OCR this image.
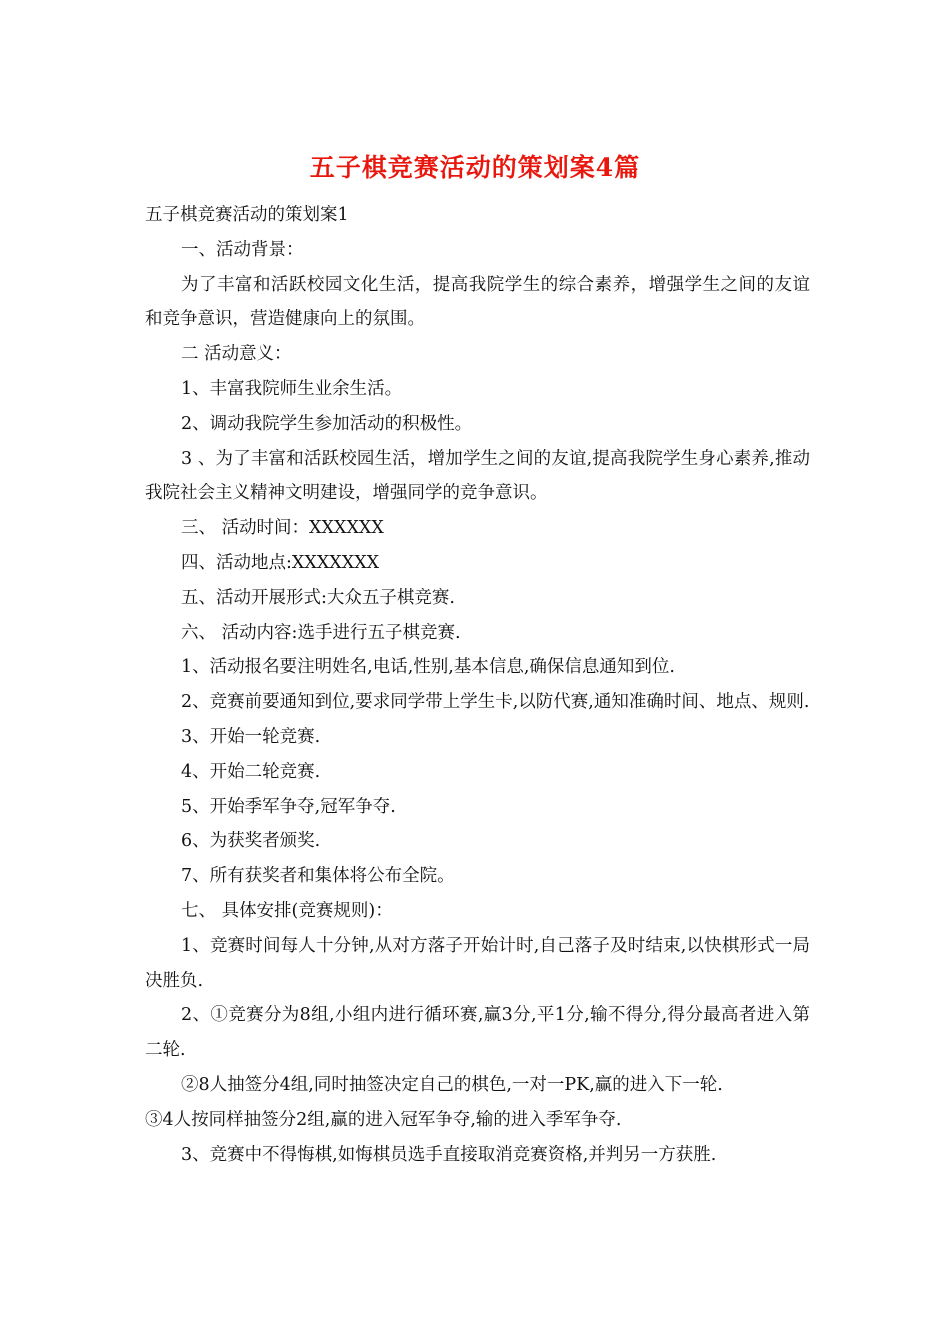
五子棋竞赛活动的策划案4篇

五子棋竞赛活动的策划案1

一、活动背景：

为了丰富和活跃校园文化生活，提高我院学生的综合素养，增强学生之间的友谊和竞争意识，营造健康向上的氛围。

二 活动意义：

1、丰富我院师生业余生活。

2、调动我院学生参加活动的积极性。

3 、为了丰富和活跃校园生活，增加学生之间的友谊,提高我院学生身心素养,推动我院社会主义精神文明建设，增强同学的竞争意识。

三、 活动时间：XXXXXX

四、活动地点:XXXXXXX

五、活动开展形式:大众五子棋竞赛.

六、 活动内容:选手进行五子棋竞赛.

1、活动报名要注明姓名,电话,性别,基本信息,确保信息通知到位.

2、竞赛前要通知到位,要求同学带上学生卡,以防代赛,通知准确时间、地点、规则.

3、开始一轮竞赛.

4、开始二轮竞赛.

5、开始季军争夺,冠军争夺.

6、为获奖者颁奖.

7、所有获奖者和集体将公布全院。

七、 具体安排(竞赛规则)：

1、竞赛时间每人十分钟,从对方落子开始计时,自己落子及时结束,以快棋形式一局决胜负.

2、①竞赛分为8组,小组内进行循环赛,赢3分,平1分,输不得分,得分最高者进入第二轮.

②8人抽签分4组,同时抽签决定自己的棋色,一对一PK,赢的进入下一轮.

③4人按同样抽签分2组,赢的进入冠军争夺,输的进入季军争夺.

3、竞赛中不得悔棋,如悔棋员选手直接取消竞赛资格,并判另一方获胜.
